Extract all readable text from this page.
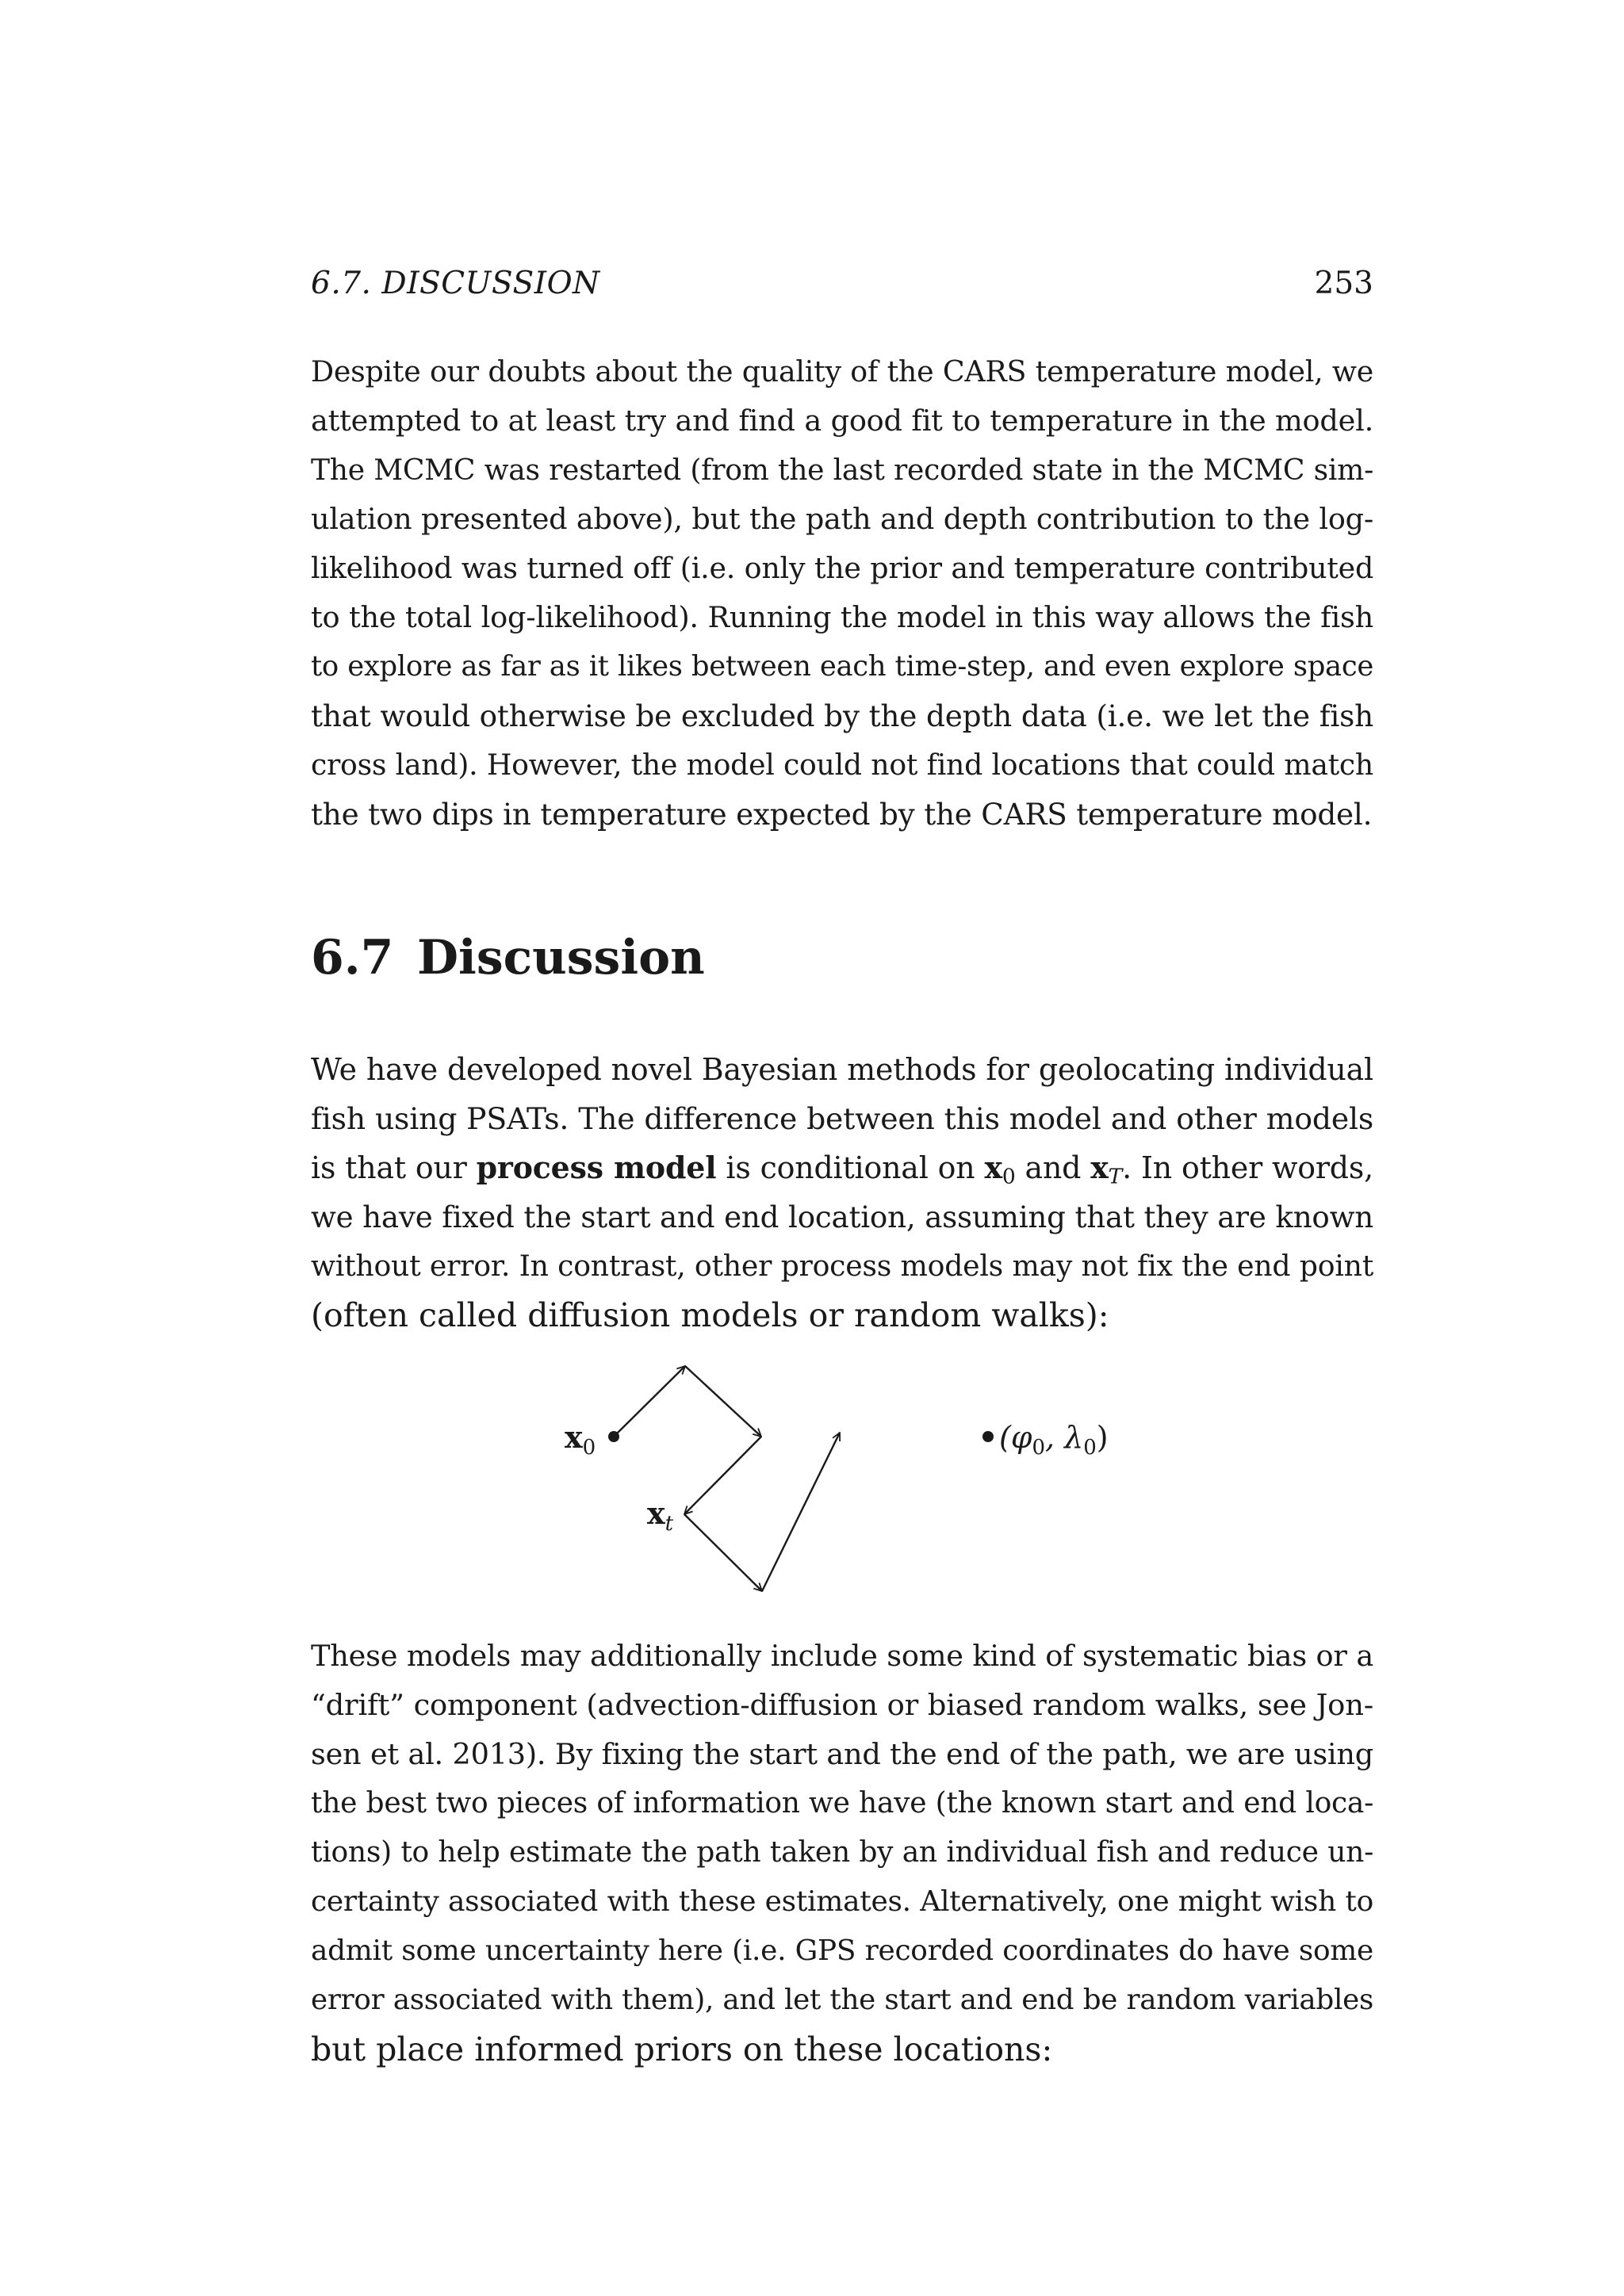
6.7. DISCUSSION	253
Despite our doubts about the quality of the CARS temperature model, we
attempted to at least try and find a good fit to temperature in the model.
The MCMC was restarted (from the last recorded state in the MCMC sim-
ulation presented above), but the path and depth contribution to the log-
likelihood was turned off (i.e. only the prior and temperature contributed
to the total log-likelihood). Running the model in this way allows the fish
to explore as far as it likes between each time-step, and even explore space
that would otherwise be excluded by the depth data (i.e. we let the fish
cross land). However, the model could not find locations that could match
the two dips in temperature expected by the CARS temperature model.
6.7 Discussion
We have developed novel Bayesian methods for geolocating individual
fish using PSATs. The difference between this model and other models
is that our process model is conditional on $x_0$ and $x_T$. In other words,
we have fixed the start and end location, assuming that they are known
without error. In contrast, other process models may not fix the end point
(often called diffusion models or random walks):
$x_0$
$x_t$
($\varphi_0$, $\lambda_0$)
These models may additionally include some kind of systematic bias or a
“drift” component (advection-diffusion or biased random walks, see Jon-
sen et al. 2013). By fixing the start and the end of the path, we are using
the best two pieces of information we have (the known start and end loca-
tions) to help estimate the path taken by an individual fish and reduce un-
certainty associated with these estimates. Alternatively, one might wish to
admit some uncertainty here (i.e. GPS recorded coordinates do have some
error associated with them), and let the start and end be random variables
but place informed priors on these locations:
